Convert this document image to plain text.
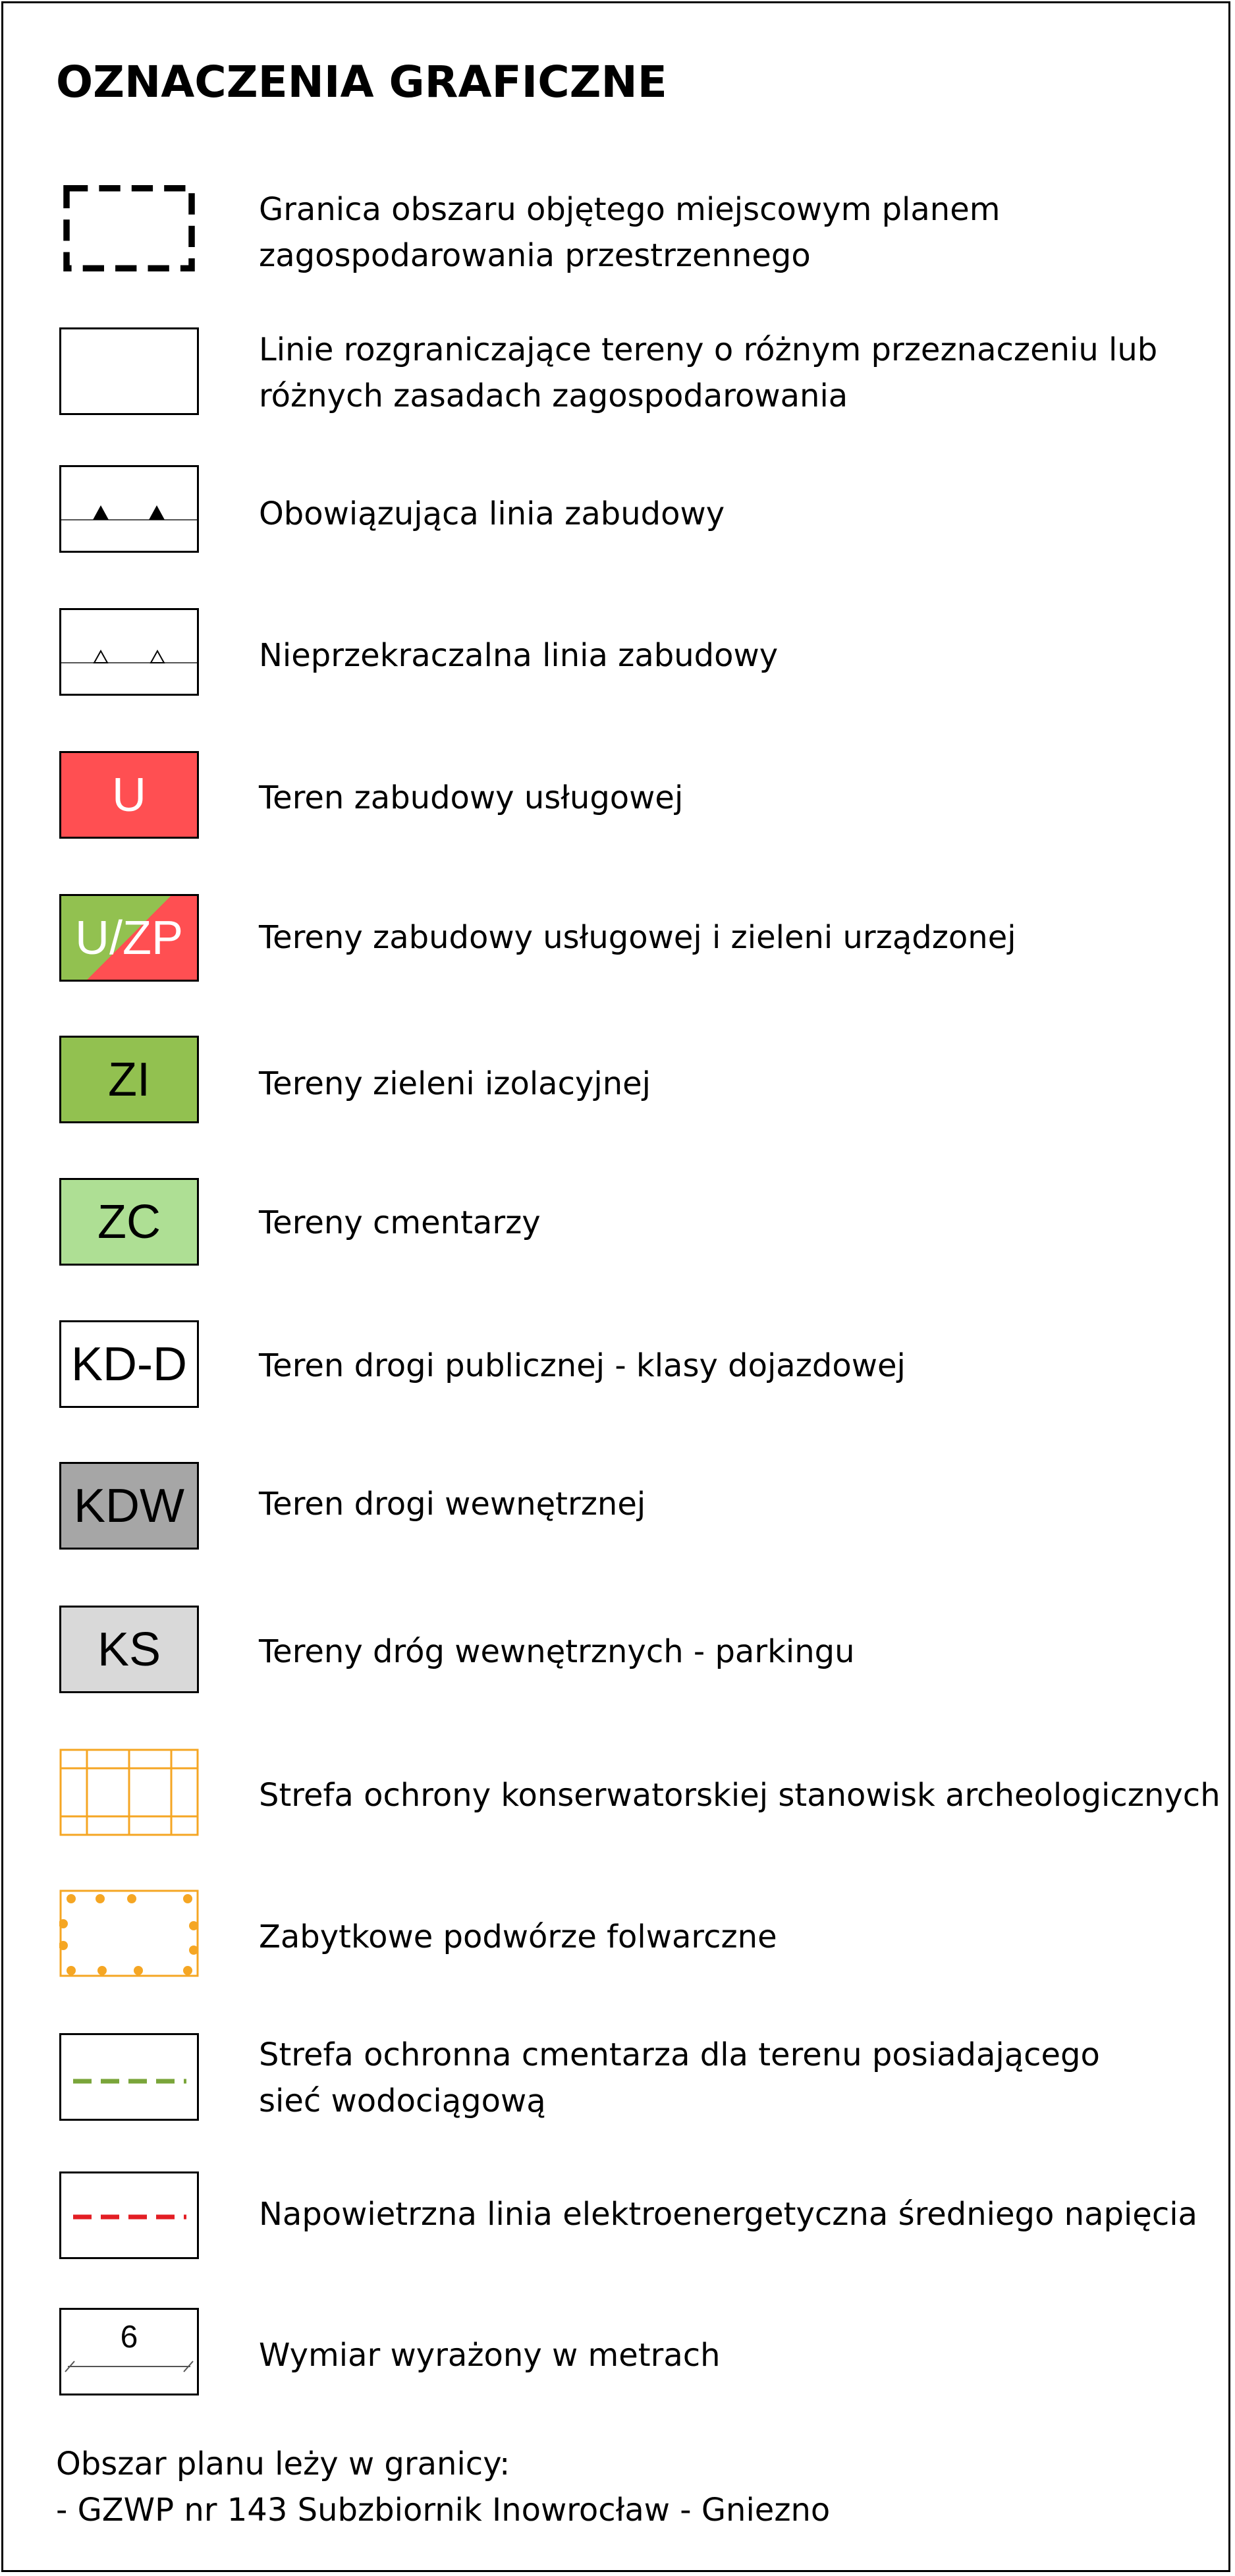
OZNACZENIA GRAFICZNE
Granica obszaru objętego miejscowym planem
zagospodarowania przestrzennego
Linie rozgraniczające tereny o różnym przeznaczeniu lub
różnych zasadach zagospodarowania
Obowiązująca linia zabudowy
Nieprzekraczalna linia zabudowy
U	Teren zabudowy usługowej
U/ZP Tereny zabudowy usługowej i zieleni urządzonej
ZI	Tereny zieleni izolacyjnej
ZC	Tereny cmentarzy
KD-D Teren drogi publicznej - klasy dojazdowej
KDW Teren drogi wewnętrznej
KS	Tereny dróg wewnętrznych - parkingu
Strefa ochrony konserwatorskiej stanowisk archeologicznych
Zabytkowe podwórze folwarczne
Strefa ochronna cmentarza dla terenu posiadającego
sieć wodociągową
Napowietrzna linia elektroenergetyczna średniego napięcia
6	Wymiar wyrażony w metrach
Obszar planu leży w granicy:
- GZWP nr 143 Subzbiornik Inowrocław - Gniezno
